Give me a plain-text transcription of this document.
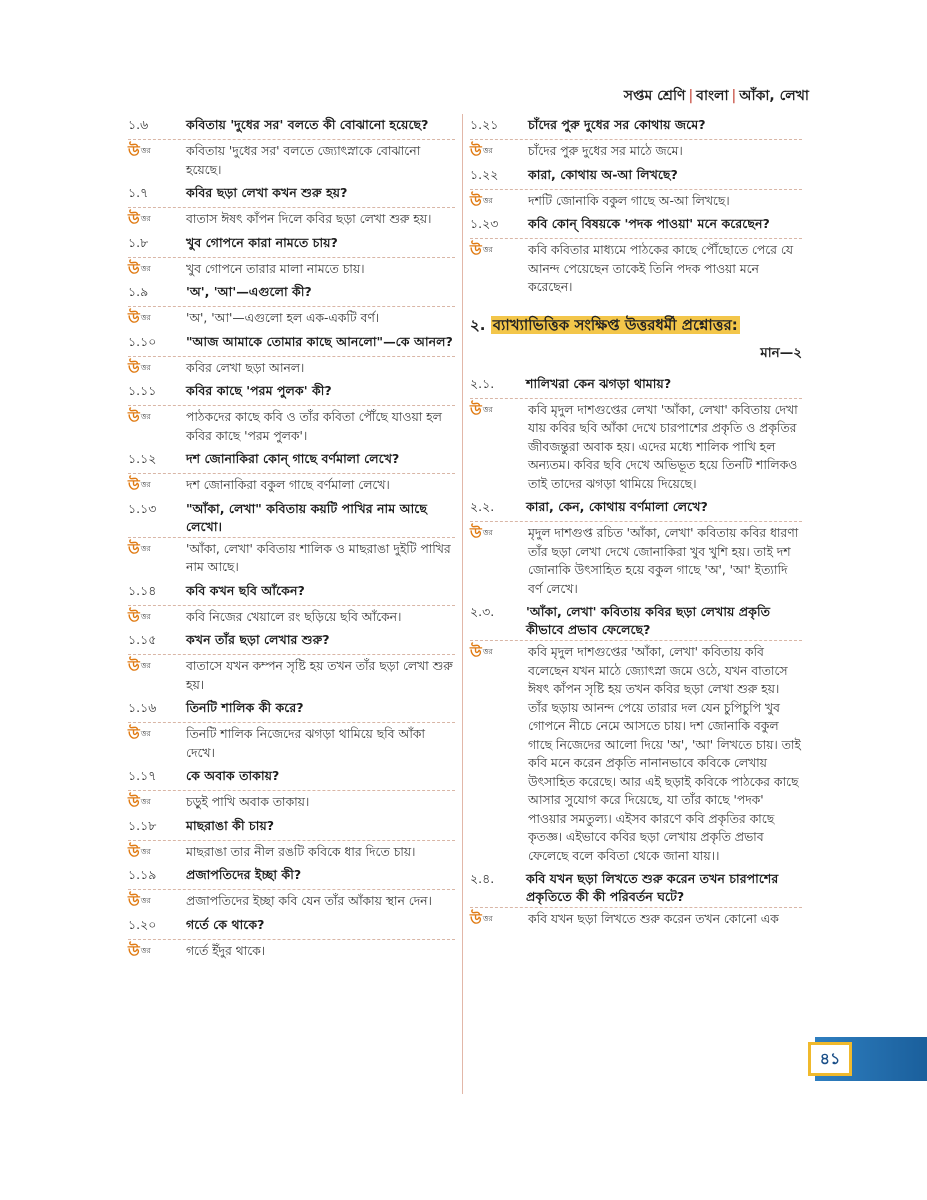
সপ্তম শ্রেণি | বাংলা | আঁকা, লেখা
১.৬	কবিতায় 'দুধের সর' বলতে কী বোঝানো হয়েছে?
উ ত্তর	কবিতায় 'দুধের সর' বলতে জ্যোৎস্নাকে বোঝানো হয়েছে।
১.৭	কবির ছড়া লেখা কখন শুরু হয়?
উ ত্তর	বাতাস ঈষৎ কাঁপন দিলে কবির ছড়া লেখা শুরু হয়।
১.৮	খুব গোপনে কারা নামতে চায়?
উ ত্তর	খুব গোপনে তারার মালা নামতে চায়।
১.৯	'অ', 'আ'—এগুলো কী?
উ ত্তর	'অ', 'আ'—এগুলো হল এক-একটি বর্ণ।
১.১০	"আজ আমাকে তোমার কাছে আনলো"—কে আনল?
উ ত্তর	কবির লেখা ছড়া আনল।
১.১১	কবির কাছে 'পরম পুলক' কী?
উ ত্তর	পাঠকদের কাছে কবি ও তাঁর কবিতা পৌঁছে যাওয়া হল কবির কাছে 'পরম পুলক'।
১.১২	দশ জোনাকিরা কোন্ গাছে বর্ণমালা লেখে?
উ ত্তর	দশ জোনাকিরা বকুল গাছে বর্ণমালা লেখে।
১.১৩	"আঁকা, লেখা" কবিতায় কয়টি পাখির নাম আছে লেখো।
উ ত্তর	'আঁকা, লেখা' কবিতায় শালিক ও মাছরাঙা দুইটি পাখির নাম আছে।
১.১৪	কবি কখন ছবি আঁকেন?
উ ত্তর	কবি নিজের খেয়ালে রং ছড়িয়ে ছবি আঁকেন।
১.১৫	কখন তাঁর ছড়া লেখার শুরু?
উ ত্তর	বাতাসে যখন কম্পন সৃষ্টি হয় তখন তাঁর ছড়া লেখা শুরু হয়।
১.১৬	তিনটি শালিক কী করে?
উ ত্তর	তিনটি শালিক নিজেদের ঝগড়া থামিয়ে ছবি আঁকা দেখে।
১.১৭	কে অবাক তাকায়?
উ ত্তর	চড়ুই পাখি অবাক তাকায়।
১.১৮	মাছরাঙা কী চায়?
উ ত্তর	মাছরাঙা তার নীল রঙটি কবিকে ধার দিতে চায়।
১.১৯	প্রজাপতিদের ইচ্ছা কী?
উ ত্তর	প্রজাপতিদের ইচ্ছা কবি যেন তাঁর আঁকায় স্থান দেন।
১.২০	গর্তে কে থাকে?
উ ত্তর	গর্তে ইঁদুর থাকে।
১.২১	চাঁদের পুরু দুধের সর কোথায় জমে?
উ ত্তর	চাঁদের পুরু দুধের সর মাঠে জমে।
১.২২	কারা, কোথায় অ-আ লিখছে?
উ ত্তর	দশটি জোনাকি বকুল গাছে অ-আ লিখছে।
১.২৩	কবি কোন্ বিষয়কে 'পদক পাওয়া' মনে করেছেন?
উ ত্তর	কবি কবিতার মাধ্যমে পাঠকের কাছে পৌঁছোতে পেরে যে আনন্দ পেয়েছেন তাকেই তিনি পদক পাওয়া মনে করেছেন।
২. ব্যাখ্যাভিত্তিক সংক্ষিপ্ত উত্তরধর্মী প্রশ্নোত্তর:
মান—২
২.১.	শালিখরা কেন ঝগড়া থামায়?
উ ত্তর	কবি মৃদুল দাশগুপ্তের লেখা 'আঁকা, লেখা' কবিতায় দেখা যায় কবির ছবি আঁকা দেখে চারপাশের প্রকৃতি ও প্রকৃতির জীবজন্তুরা অবাক হয়। এদের মধ্যে শালিক পাখি হল অন্যতম। কবির ছবি দেখে অভিভূত হয়ে তিনটি শালিকও তাই তাদের ঝগড়া থামিয়ে দিয়েছে।
২.২.	কারা, কেন, কোথায় বর্ণমালা লেখে?
উ ত্তর	মৃদুল দাশগুপ্ত রচিত 'আঁকা, লেখা' কবিতায় কবির ধারণা তাঁর ছড়া লেখা দেখে জোনাকিরা খুব খুশি হয়। তাই দশ জোনাকি উৎসাহিত হয়ে বকুল গাছে 'অ', 'আ' ইত্যাদি বর্ণ লেখে।
২.৩.	'আঁকা, লেখা' কবিতায় কবির ছড়া লেখায় প্রকৃতি কীভাবে প্রভাব ফেলেছে?
উ ত্তর	কবি মৃদুল দাশগুপ্তের 'আঁকা, লেখা' কবিতায় কবি বলেছেন যখন মাঠে জ্যোৎস্না জমে ওঠে, যখন বাতাসে ঈষৎ কাঁপন সৃষ্টি হয় তখন কবির ছড়া লেখা শুরু হয়। তাঁর ছড়ায় আনন্দ পেয়ে তারার দল যেন চুপিচুপি খুব গোপনে নীচে নেমে আসতে চায়। দশ জোনাকি বকুল গাছে নিজেদের আলো দিয়ে 'অ', 'আ' লিখতে চায়। তাই কবি মনে করেন প্রকৃতি নানানভাবে কবিকে লেখায় উৎসাহিত করেছে। আর এই ছড়াই কবিকে পাঠকের কাছে আসার সুযোগ করে দিয়েছে, যা তাঁর কাছে 'পদক' পাওয়ার সমতুল্য। এইসব কারণে কবি প্রকৃতির কাছে কৃতজ্ঞ। এইভাবে কবির ছড়া লেখায় প্রকৃতি প্রভাব ফেলেছে বলে কবিতা থেকে জানা যায়।।
২.৪.	কবি যখন ছড়া লিখতে শুরু করেন তখন চারপাশের প্রকৃতিতে কী কী পরিবর্তন ঘটে?
উ ত্তর	কবি যখন ছড়া লিখতে শুরু করেন তখন কোনো এক
৪১
